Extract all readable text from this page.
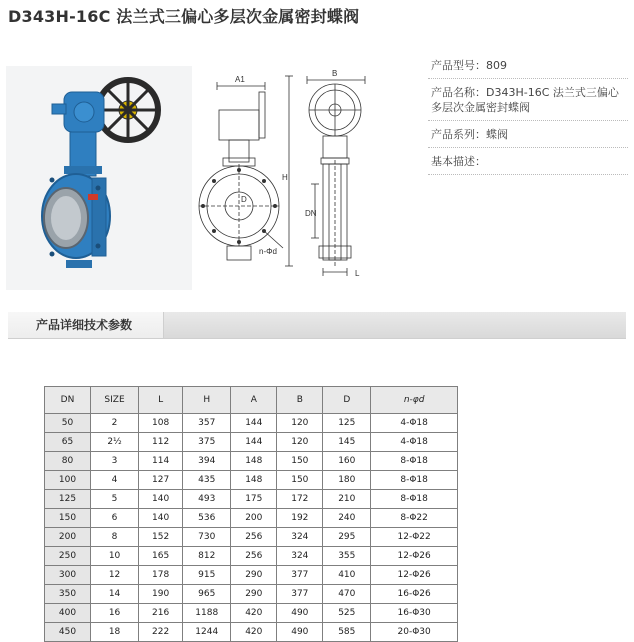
D343H-16C 法兰式三偏心多层次金属密封蝶阀
A1
D
n-Φd
H
B
DN
L
产品型号：809
产品名称：D343H-16C 法兰式三偏心多层次金属密封蝶阀
产品系列：蝶阀
基本描述：
产品详细技术参数
DN	SIZE	L	H	A	B	D	n-φd
50	2	108	357	144	120	125	4-Φ18
65	2½	112	375	144	120	145	4-Φ18
80	3	114	394	148	150	160	8-Φ18
100	4	127	435	148	150	180	8-Φ18
125	5	140	493	175	172	210	8-Φ18
150	6	140	536	200	192	240	8-Φ22
200	8	152	730	256	324	295	12-Φ22
250	10	165	812	256	324	355	12-Φ26
300	12	178	915	290	377	410	12-Φ26
350	14	190	965	290	377	470	16-Φ26
400	16	216	1188	420	490	525	16-Φ30
450	18	222	1244	420	490	585	20-Φ30
